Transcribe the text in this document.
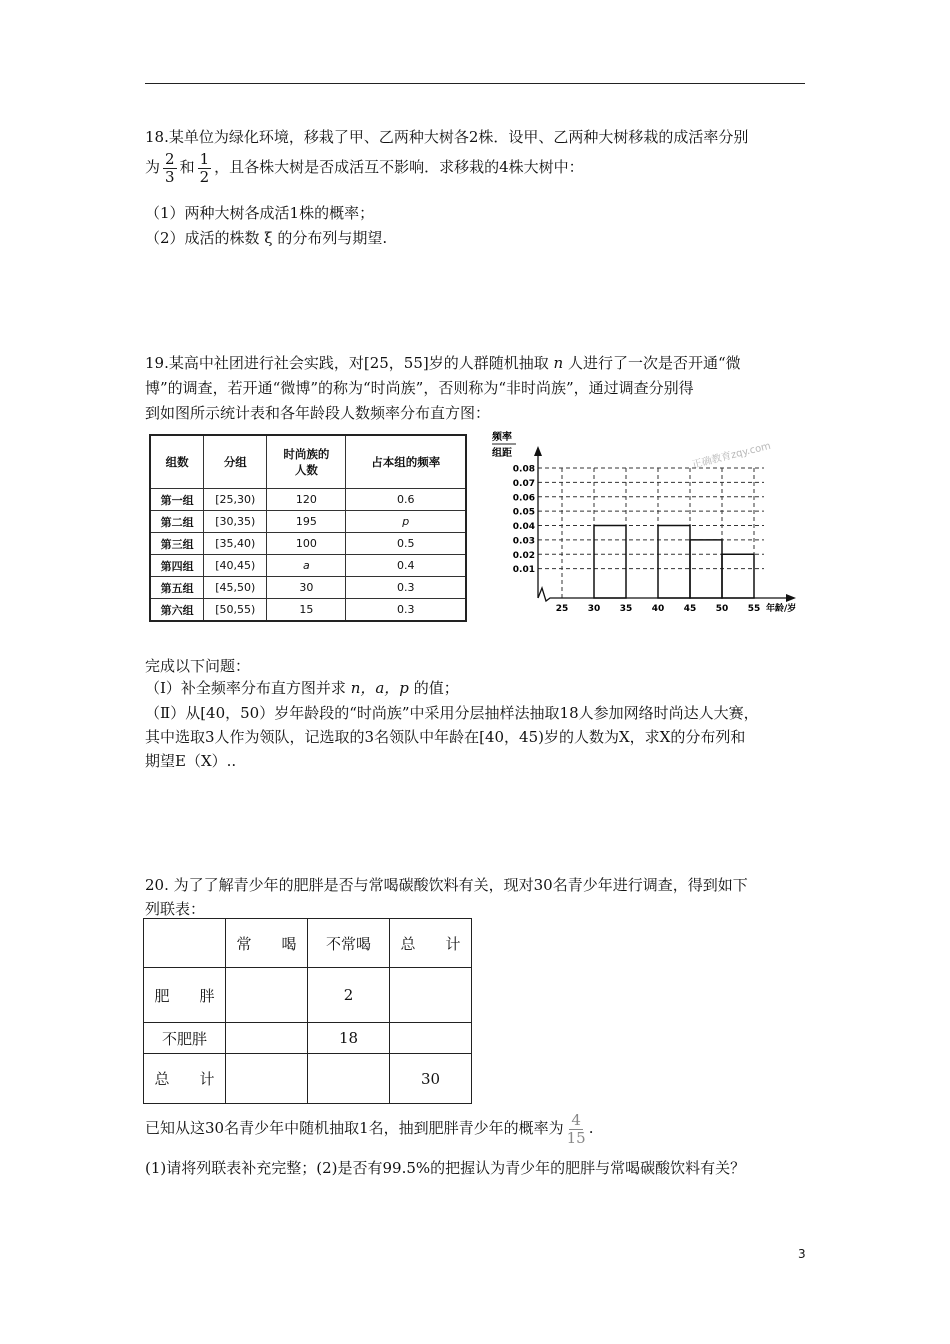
18.某单位为绿化环境，移栽了甲、乙两种大树各2株．设甲、乙两种大树移栽的成活率分别
为 $\frac{2}{3}$ 和 $\frac{1}{2}$ ，且各株大树是否成活互不影响．求移栽的4株大树中：
（1）两种大树各成活1株的概率；
（2）成活的株数 ξ 的分布列与期望.
19.某高中社团进行社会实践，对[25，55]岁的人群随机抽取 n 人进行了一次是否开通“微
博”的调查，若开通“微博”的称为“时尚族”，否则称为“非时尚族”，通过调查分别得
到如图所示统计表和各年龄段人数频率分布直方图：
组数	分组	时尚族的
人数	占本组的频率
第一组	[25,30)	120	0.6
第二组	[30,35)	195	p
第三组	[35,40)	100	0.5
第四组	[40,45)	a	0.4
第五组	[45,50)	30	0.3
第六组	[50,55)	15	0.3
正确教育zqy.com
频率
组距
0.01
0.02
0.03
0.04
0.05
0.06
0.07
0.08
25 30 35 40 45 50 55 年龄/岁
完成以下问题：
（Ⅰ）补全频率分布直方图并求 n，a，p 的值；
（Ⅱ）从[40，50）岁年龄段的“时尚族”中采用分层抽样法抽取18人参加网络时尚达人大赛，
其中选取3人作为领队，记选取的3名领队中年龄在[40，45)岁的人数为X，求X的分布列和
期望E（X）..
20. 为了了解青少年的肥胖是否与常喝碳酸饮料有关，现对30名青少年进行调查，得到如下
列联表：
	常　　喝	不常喝	总　　计
肥　　胖		2	
不肥胖		18	
总　　计			30
已知从这30名青少年中随机抽取1名，抽到肥胖青少年的概率为 $\frac{4}{15}$ .
(1)请将列联表补充完整；(2)是否有99.5%的把握认为青少年的肥胖与常喝碳酸饮料有关？
3
